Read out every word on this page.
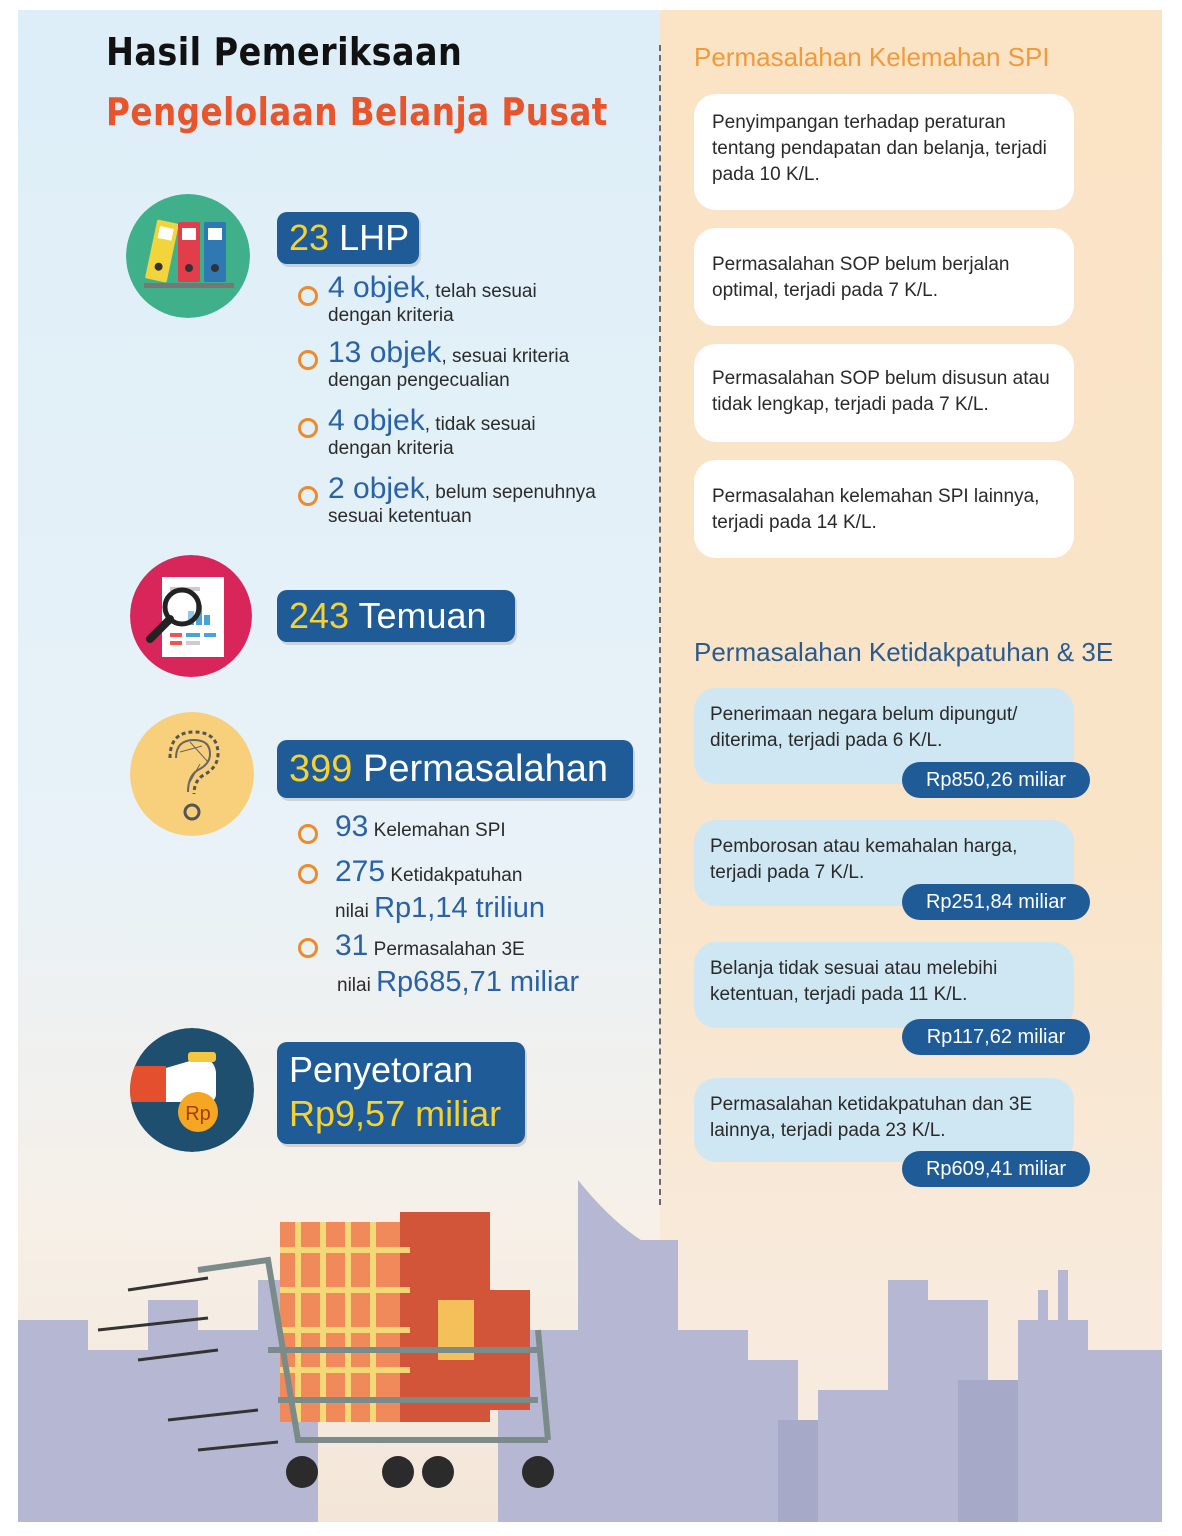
Hasil Pemeriksaan
Pengelolaan Belanja Pusat
23 LHP
4 objek, telah sesuai
dengan kriteria
13 objek, sesuai kriteria
dengan pengecualian
4 objek, tidak sesuai
dengan kriteria
2 objek, belum sepenuhnya
sesuai ketentuan
243 Temuan
399 Permasalahan
93 Kelemahan SPI
275 Ketidakpatuhan
nilai Rp1,14 triliun
31 Permasalahan 3E
nilai Rp685,71 miliar
Rp
Penyetoran
Rp9,57 miliar
Permasalahan Kelemahan SPI
Penyimpangan terhadap peraturan tentang pendapatan dan belanja, terjadi pada 10 K/L.
Permasalahan SOP belum berjalan optimal, terjadi pada 7 K/L.
Permasalahan SOP belum disusun atau tidak lengkap, terjadi pada 7 K/L.
Permasalahan kelemahan SPI lainnya, terjadi pada 14 K/L.
Permasalahan Ketidakpatuhan & 3E
Penerimaan negara belum dipungut/ diterima, terjadi pada 6 K/L.
Rp850,26 miliar
Pemborosan atau kemahalan harga, terjadi pada 7 K/L.
Rp251,84 miliar
Belanja tidak sesuai atau melebihi ketentuan, terjadi pada 11 K/L.
Rp117,62 miliar
Permasalahan ketidakpatuhan dan 3E lainnya, terjadi pada 23 K/L.
Rp609,41 miliar
